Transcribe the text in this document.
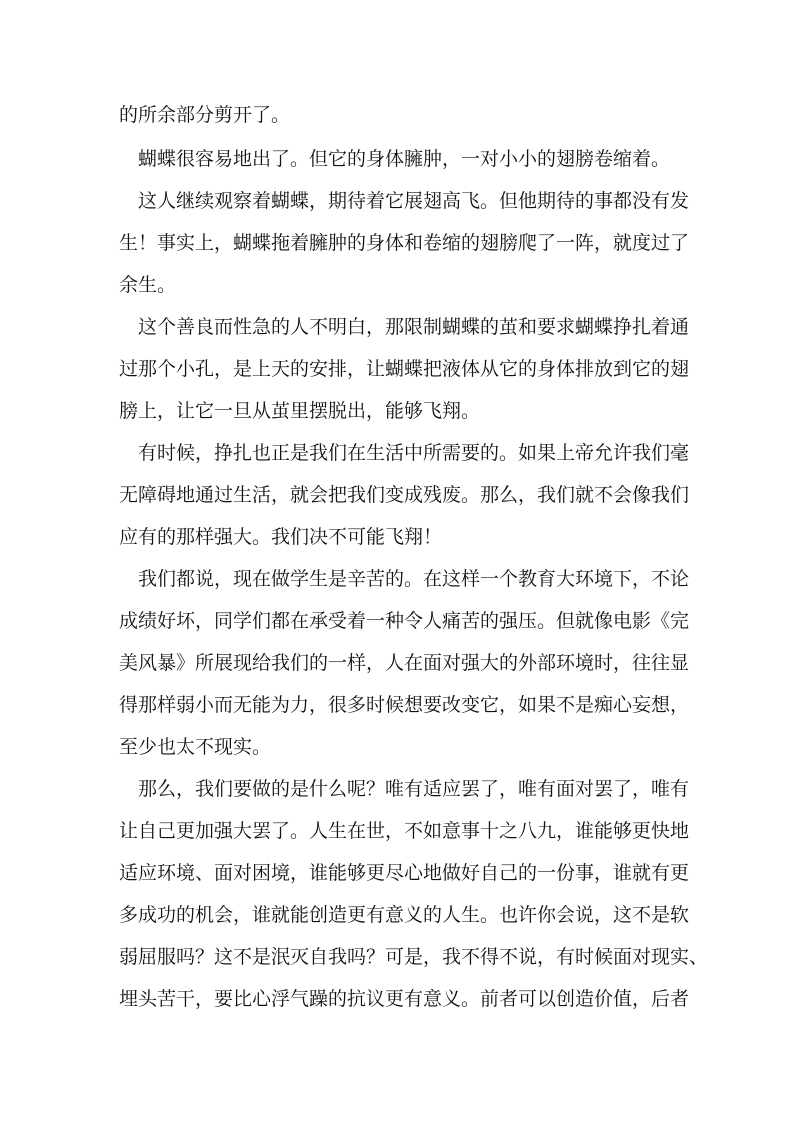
的所余部分剪开了。
蝴蝶很容易地出了。但它的身体臃肿，一对小小的翅膀卷缩着。
这人继续观察着蝴蝶，期待着它展翅高飞。但他期待的事都没有发
生！事实上，蝴蝶拖着臃肿的身体和卷缩的翅膀爬了一阵，就度过了
余生。
这个善良而性急的人不明白，那限制蝴蝶的茧和要求蝴蝶挣扎着通
过那个小孔，是上天的安排，让蝴蝶把液体从它的身体排放到它的翅
膀上，让它一旦从茧里摆脱出，能够飞翔。
有时候，挣扎也正是我们在生活中所需要的。如果上帝允许我们毫
无障碍地通过生活，就会把我们变成残废。那么，我们就不会像我们
应有的那样强大。我们决不可能飞翔！
我们都说，现在做学生是辛苦的。在这样一个教育大环境下，不论
成绩好坏，同学们都在承受着一种令人痛苦的强压。但就像电影《完
美风暴》所展现给我们的一样，人在面对强大的外部环境时，往往显
得那样弱小而无能为力，很多时候想要改变它，如果不是痴心妄想，
至少也太不现实。
那么，我们要做的是什么呢？唯有适应罢了，唯有面对罢了，唯有
让自己更加强大罢了。人生在世，不如意事十之八九，谁能够更快地
适应环境、面对困境，谁能够更尽心地做好自己的一份事，谁就有更
多成功的机会，谁就能创造更有意义的人生。也许你会说，这不是软
弱屈服吗？这不是泯灭自我吗？可是，我不得不说，有时候面对现实、
埋头苦干，要比心浮气躁的抗议更有意义。前者可以创造价值，后者
